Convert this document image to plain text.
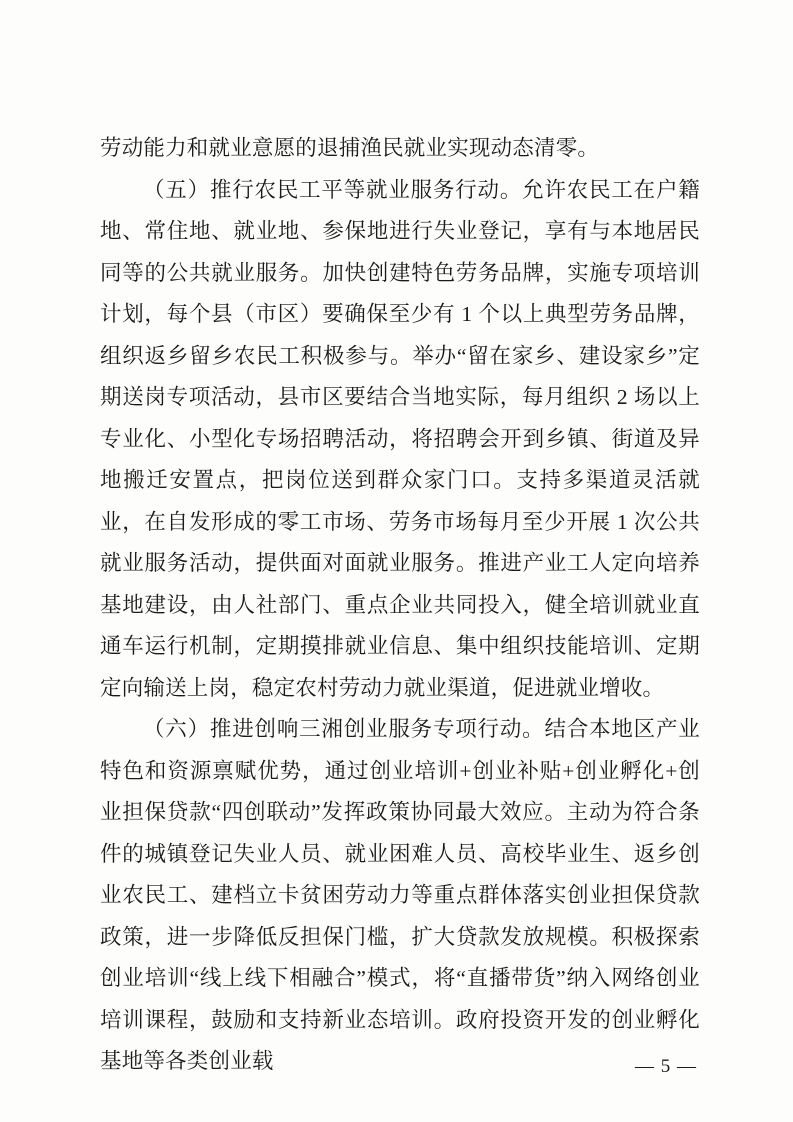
劳动能力和就业意愿的退捕渔民就业实现动态清零。

（五）推行农民工平等就业服务行动。允许农民工在户籍地、常住地、就业地、参保地进行失业登记，享有与本地居民同等的公共就业服务。加快创建特色劳务品牌，实施专项培训计划，每个县（市区）要确保至少有 1 个以上典型劳务品牌，组织返乡留乡农民工积极参与。举办“留在家乡、建设家乡”定期送岗专项活动，县市区要结合当地实际，每月组织 2 场以上专业化、小型化专场招聘活动，将招聘会开到乡镇、街道及异地搬迁安置点，把岗位送到群众家门口。支持多渠道灵活就业，在自发形成的零工市场、劳务市场每月至少开展 1 次公共就业服务活动，提供面对面就业服务。推进产业工人定向培养基地建设，由人社部门、重点企业共同投入，健全培训就业直通车运行机制，定期摸排就业信息、集中组织技能培训、定期定向输送上岗，稳定农村劳动力就业渠道，促进就业增收。

（六）推进创响三湘创业服务专项行动。结合本地区产业特色和资源禀赋优势，通过创业培训+创业补贴+创业孵化+创业担保贷款“四创联动”发挥政策协同最大效应。主动为符合条件的城镇登记失业人员、就业困难人员、高校毕业生、返乡创业农民工、建档立卡贫困劳动力等重点群体落实创业担保贷款政策，进一步降低反担保门槛，扩大贷款发放规模。积极探索创业培训“线上线下相融合”模式，将“直播带货”纳入网络创业培训课程，鼓励和支持新业态培训。政府投资开发的创业孵化基地等各类创业载	— 5 —
